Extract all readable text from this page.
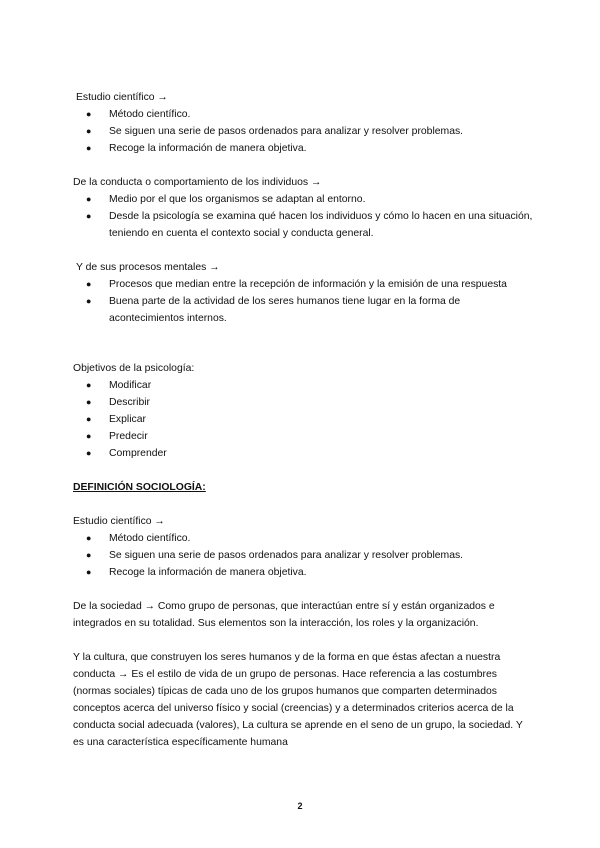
Estudio científico →

● Método científico.
● Se siguen una serie de pasos ordenados para analizar y resolver problemas.
● Recoge la información de manera objetiva.

De la conducta o comportamiento de los individuos →

● Medio por el que los organismos se adaptan al entorno.
● Desde la psicología se examina qué hacen los individuos y cómo lo hacen en una situación, teniendo en cuenta el contexto social y conducta general.

Y de sus procesos mentales →

● Procesos que median entre la recepción de información y la emisión de una respuesta
● Buena parte de la actividad de los seres humanos tiene lugar en la forma de acontecimientos internos.

Objetivos de la psicología:

● Modificar
● Describir
● Explicar
● Predecir
● Comprender

DEFINICIÓN SOCIOLOGÍA:

Estudio científico →

● Método científico.
● Se siguen una serie de pasos ordenados para analizar y resolver problemas.
● Recoge la información de manera objetiva.

De la sociedad → Como grupo de personas, que interactúan entre sí y están organizados e integrados en su totalidad. Sus elementos son la interacción, los roles y la organización.

Y la cultura, que construyen los seres humanos y de la forma en que éstas afectan a nuestra conducta → Es el estilo de vida de un grupo de personas. Hace referencia a las costumbres (normas sociales) típicas de cada uno de los grupos humanos que comparten determinados conceptos acerca del universo físico y social (creencias) y a determinados criterios acerca de la conducta social adecuada (valores), La cultura se aprende en el seno de un grupo, la sociedad. Y es una característica específicamente humana

2
